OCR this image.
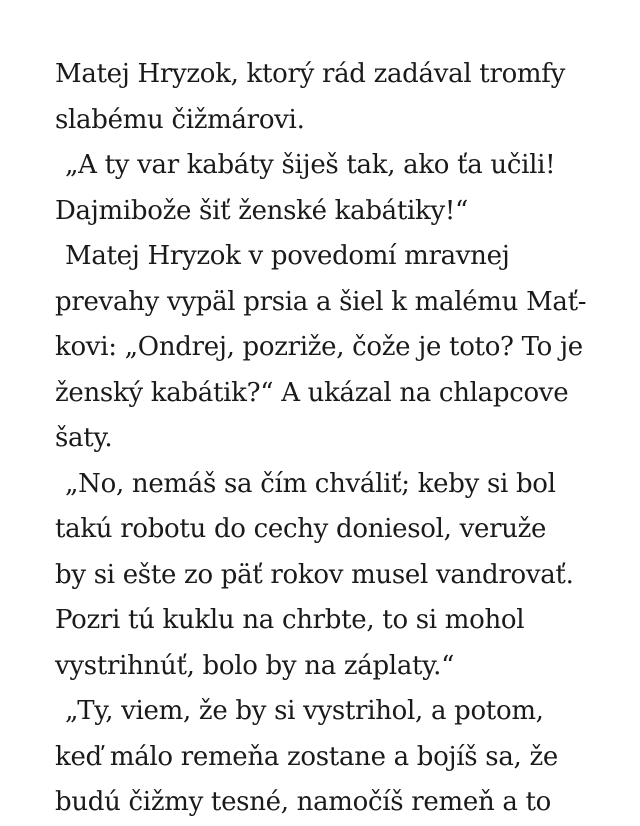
Matej Hryzok, ktorý rád zadával tromfy
slabému čižmárovi.
„A ty var kabáty šiješ tak, ako ťa učili!
Dajmibože šiť ženské kabátiky!“
Matej Hryzok v povedomí mravnej
prevahy vypäl prsia a šiel k malému Mať-
kovi: „Ondrej, pozriže, čože je toto? To je
ženský kabátik?“ A ukázal na chlapcove
šaty.
„No, nemáš sa čím chváliť; keby si bol
takú robotu do cechy doniesol, veruže
by si ešte zo päť rokov musel vandrovať.
Pozri tú kuklu na chrbte, to si mohol
vystrihnúť, bolo by na záplaty.“
„Ty, viem, že by si vystrihol, a potom,
keď málo remeňa zostane a bojíš sa, že
budú čižmy tesné, namočíš remeň a to
